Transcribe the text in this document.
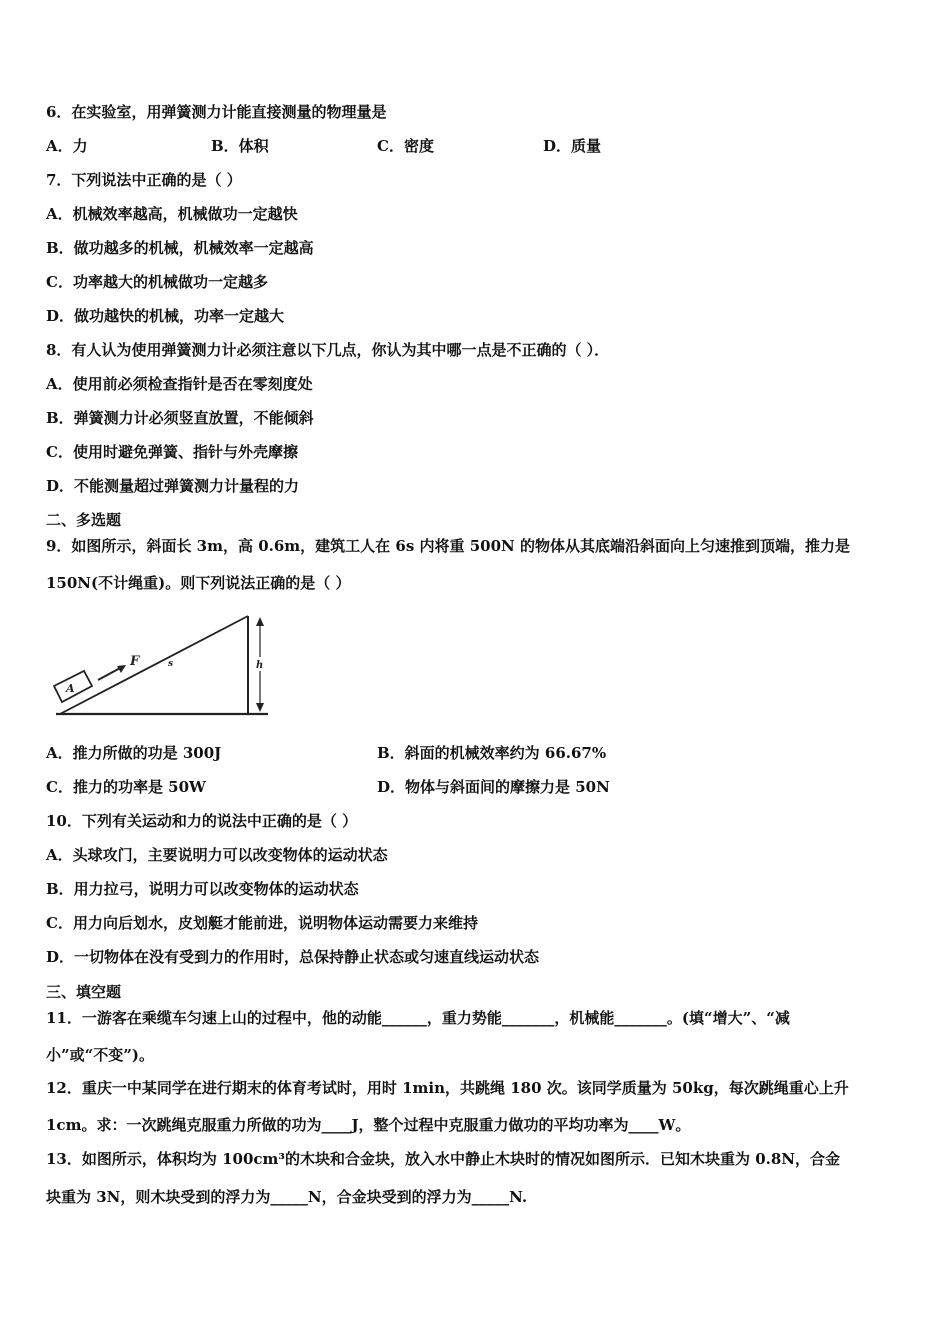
6．在实验室，用弹簧测力计能直接测量的物理量是
A．力	B．体积	C．密度	D．质量
7．下列说法中正确的是（ ）
A．机械效率越高，机械做功一定越快
B．做功越多的机械，机械效率一定越高
C．功率越大的机械做功一定越多
D．做功越快的机械，功率一定越大
8．有人认为使用弹簧测力计必须注意以下几点，你认为其中哪一点是不正确的（ ）．
A．使用前必须检查指针是否在零刻度处
B．弹簧测力计必须竖直放置，不能倾斜
C．使用时避免弹簧、指针与外壳摩擦
D．不能测量超过弹簧测力计量程的力
二、多选题
9．如图所示，斜面长 3m，高 0.6m，建筑工人在 6s 内将重 500N 的物体从其底端沿斜面向上匀速推到顶端，推力是
150N(不计绳重)。则下列说法正确的是（ ）
A
F	s	h
A．推力所做的功是 300J	B．斜面的机械效率约为 66.67%
C．推力的功率是 50W	D．物体与斜面间的摩擦力是 50N
10．下列有关运动和力的说法中正确的是（ ）
A．头球攻门，主要说明力可以改变物体的运动状态
B．用力拉弓，说明力可以改变物体的运动状态
C．用力向后划水，皮划艇才能前进，说明物体运动需要力来维持
D．一切物体在没有受到力的作用时，总保持静止状态或匀速直线运动状态
三、填空题
11．一游客在乘缆车匀速上山的过程中，他的动能______，重力势能_______，机械能_______。(填“增大”、“减
小”或“不变”)。
12．重庆一中某同学在进行期末的体育考试时，用时 1min，共跳绳 180 次。该同学质量为 50kg，每次跳绳重心上升
1cm。求：一次跳绳克服重力所做的功为____J，整个过程中克服重力做功的平均功率为____W。
13．如图所示，体积均为 100cm³的木块和合金块，放入水中静止木块时的情况如图所示．已知木块重为 0.8N，合金
块重为 3N，则木块受到的浮力为_____N，合金块受到的浮力为_____N.
